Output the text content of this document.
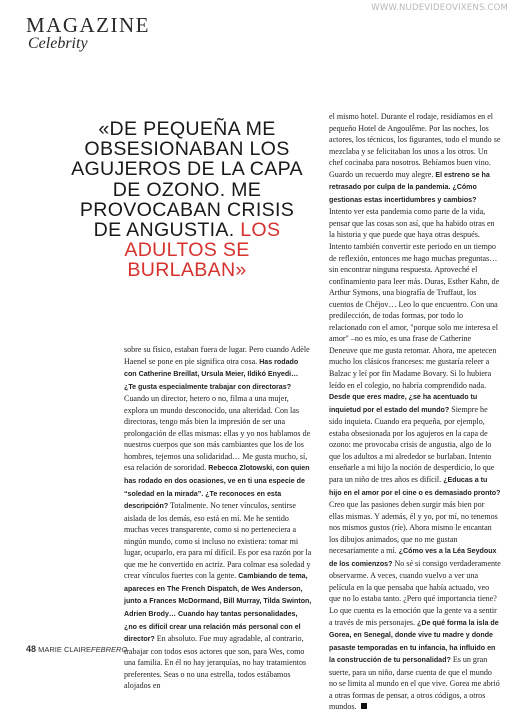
WWW.NUDEVIDEOVIXENS.COM
MAGAZINE
Celebrity
«DE PEQUEÑA ME OBSESIONABAN LOS AGUJEROS DE LA CAPA DE OZONO. ME PROVOCABAN CRISIS DE ANGUSTIA. LOS ADULTOS SE BURLABAN»

sobre su físico, estaban fuera de lugar. Pero cuando Adèle Haenel se pone en pie significa otra cosa. Has rodado con Catherine Breillat, Ursula Meier, Ildikó Enyedi… ¿Te gusta especialmente trabajar con directoras? Cuando un director, hetero o no, filma a una mujer, explora un mundo desconocido, una alteridad. Con las directoras, tengo más bien la impresión de ser una prolongación de ellas mismas: ellas y yo nos hablamos de nuestros cuerpos que son más cambiantes que los de los hombres, tejemos una solidaridad… Me gusta mucho, sí, esa relación de sororidad. Rebecca Zlotowski, con quien has rodado en dos ocasiones, ve en ti una especie de “soledad en la mirada”. ¿Te reconoces en esta descripción? Totalmente. No tener vínculos, sentirse aislada de los demás, eso está en mí. Me he sentido muchas veces transparente, como si no perteneciera a ningún mundo, como si incluso no existiera: tomar mi lugar, ocuparlo, era para mí difícil. Es por esa razón por la que me he convertido en actriz. Para colmar esa soledad y crear vínculos fuertes con la gente. Cambiando de tema, apareces en The French Dispatch, de Wes Anderson, junto a Frances McDormand, Bill Murray, Tilda Swinton, Adrien Brody… Cuando hay tantas personalidades, ¿no es difícil crear una relación más personal con el director? En absoluto. Fue muy agradable, al contrario, trabajar con todos esos actores que son, para Wes, como una familia. En él no hay jerarquías, no hay tratamientos preferentes. Seas o no una estrella, todos estábamos alojados en

el mismo hotel. Durante el rodaje, residíamos en el pequeño Hotel de Angoulême. Por las noches, los actores, los técnicos, los figurantes, todo el mundo se mezclaba y se felicitaban los unos a los otros. Un chef cocinaba para nosotros. Bebíamos buen vino. Guardo un recuerdo muy alegre. El estreno se ha retrasado por culpa de la pandemia. ¿Cómo gestionas estas incertidumbres y cambios? Intento ver esta pandemia como parte de la vida, pensar que las cosas son así, que ha habido otras en la historia y que puede que haya otras después. Intento también convertir este periodo en un tiempo de reflexión, entonces me hago muchas preguntas… sin encontrar ninguna respuesta. Aproveché el confinamiento para leer más. Duras, Esther Kahn, de Arthur Symons, una biografía de Truffaut, los cuentos de Chéjov… Leo lo que encuentro. Con una predilección, de todas formas, por todo lo relacionado con el amor, "porque solo me interesa el amor" –no es mío, es una frase de Catherine Deneuve que me gusta retomar. Ahora, me apetecen mucho los clásicos franceses: me gustaría releer a Balzac y leí por fin Madame Bovary. Si lo hubiera leído en el colegio, no habría comprendido nada. Desde que eres madre, ¿se ha acentuado tu inquietud por el estado del mundo? Siempre he sido inquieta. Cuando era pequeña, por ejemplo, estaba obsesionada por los agujeros en la capa de ozono: me provocaba crisis de angustia, algo de lo que los adultos a mi alrededor se burlaban. Intento enseñarle a mi hijo la noción de desperdicio, lo que para un niño de tres años es difícil. ¿Educas a tu hijo en el amor por el cine o es demasiado pronto? Creo que las pasiones deben surgir más bien por ellas mismas. Y además, él y yo, por mí, no tenemos nos mismos gustos (ríe). Ahora mismo le encantan los dibujos animados, que no me gustan necesariamente a mí. ¿Cómo ves a la Léa Seydoux de los comienzos? No sé si consigo verdaderamente observarme. A veces, cuando vuelvo a ver una película en la que pensaba que había actuado, veo que no lo estaba tanto. ¿Pero qué importancia tiene? Lo que cuenta es la emoción que la gente va a sentir a través de mis personajes. ¿De qué forma la isla de Gorea, en Senegal, donde vive tu madre y donde pasaste temporadas en tu infancia, ha influido en la construcción de tu personalidad? Es un gran suerte, para un niño, darse cuenta de que el mundo no se limita al mundo en el que vive. Gorea me abrió a otras formas de pensar, a otros códigos, a otros mundos.

48 MARIE CLAIREFEBRERO
